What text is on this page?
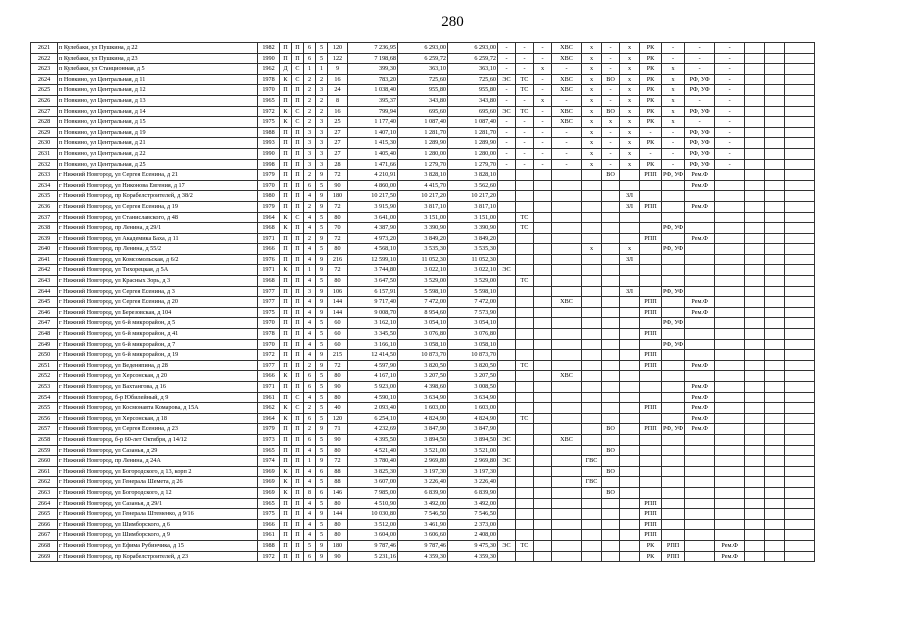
280
2621	п Кулебаки, ул Пушкина, д 22	1982	П	П	6	5	120	7 236,95	6 293,00	6 293,00	-	-	-	ХВС	х	-	х	РК	-	-	-			
2622	п Кулебаки, ул Пушкина, д 23	1990	П	П	6	5	122	7 198,68	6 259,72	6 259,72	-	-	-	ХВС	х	-	х	РК	-	-	-			
2623	п Кулебаки, ул Станционная, д 5	1962	Д	С	1	1	9	399,30	363,10	363,10	-	-	х	-	х	-	х	РК	х	-	-			
2624	п Новкино, ул Центральная, д 11	1978	К	С	2	2	16	783,20	725,60	725,60	ЭС	ТС	-	ХВС	х	ВО	х	РК	х	РФ, УФ	-			
2625	п Новкино, ул Центральная, д 12	1970	П	П	2	3	24	1 038,40	955,80	955,80	-	ТС	-	ХВС	х	-	х	РК	х	РФ, УФ	-			
2626	п Новкино, ул Центральная, д 13	1965	П	П	2	2	8	395,37	343,80	343,80	-	-	х	-	х	-	х	РК	х	-	-			
2627	п Новкино, ул Центральная, д 14	1972	К	С	2	2	16	799,94	695,60	695,60	ЭС	ТС	-	ХВС	х	ВО	х	РК	х	РФ, УФ	-			
2628	п Новкино, ул Центральная, д 15	1975	К	С	2	3	25	1 177,40	1 087,40	1 087,40	-	-	-	ХВС	х	х	х	РК	х	-	-			
2629	п Новкино, ул Центральная, д 19	1988	П	П	3	3	27	1 407,10	1 281,70	1 281,70	-	-	-	-	х	-	х	-	-	РФ, УФ	-			
2630	п Новкино, ул Центральная, д 21	1993	П	П	3	3	27	1 415,30	1 289,90	1 289,90	-	-	-	-	х	-	х	РК	-	РФ, УФ	-			
2631	п Новкино, ул Центральная, д 22	1990	П	П	3	3	27	1 405,40	1 280,00	1 280,00	-	-	-	-	х	-	х	-	-	РФ, УФ	-			
2632	п Новкино, ул Центральная, д 25	1998	П	П	3	3	28	1 471,66	1 279,70	1 279,70	-	-	-	-	х	-	х	РК	-	РФ, УФ	-			
2633	г Нижний Новгород, ул Сергея Есенина, д 21	1979	П	П	2	9	72	4 210,91	3 828,10	3 828,10						ВО		РПП	РФ, УФ	Рем.Ф				
2634	г Нижний Новгород, ул Никонова Евгения, д 17	1970	П	П	6	5	90	4 860,00	4 415,70	3 562,60										Рем.Ф				
2635	г Нижний Новгород, пр Корабелстроителей, д 38/2	1980	П	П	4	9	180	10 217,50	10 217,20	10 217,20							ЗЛ							
2636	г Нижний Новгород, ул Сергея Есенина, д 19	1979	П	П	2	9	72	3 915,90	3 817,10	3 817,10							ЗЛ	РПП		Рем.Ф				
2637	г Нижний Новгород, ул Станиславского, д 48	1964	К	С	4	5	80	3 641,00	3 151,00	3 151,00		ТС												
2638	г Нижний Новгород, пр Ленина, д 29/1	1968	К	П	4	5	70	4 387,90	3 390,90	3 390,90		ТС							РФ, УФ					
2639	г Нижний Новгород, ул Академика Баха, д 11	1971	П	П	2	9	72	4 973,20	3 849,20	3 849,20								РПП		Рем.Ф				
2640	г Нижний Новгород, пр Ленина, д 55/2	1966	П	П	4	5	80	4 568,10	3 535,30	3 535,30					х		х		РФ, УФ					
2641	г Нижний Новгород, ул Комсомольская, д 6/2	1976	П	П	4	9	216	12 599,10	11 052,30	11 052,30							ЗЛ							
2642	г Нижний Новгород, ул Тихорецкая, д 5А	1971	К	П	1	9	72	3 744,80	3 022,10	3 022,10	ЭС													
2643	г Нижний Новгород, ул Красных Зорь, д 3	1968	П	П	4	5	80	3 647,50	3 529,00	3 529,00		ТС												
2644	г Нижний Новгород, ул Сергея Есенина, д 3	1977	П	П	3	9	106	6 157,91	5 598,10	5 598,10							ЗЛ		РФ, УФ					
2645	г Нижний Новгород, ул Сергея Есенина, д 20	1977	П	П	4	9	144	9 717,40	7 472,00	7 472,00				ХВС				РПП		Рем.Ф				
2646	г Нижний Новгород, ул Березовская, д 104	1975	П	П	4	9	144	9 008,70	8 954,60	7 573,90								РПП		Рем.Ф				
2647	г Нижний Новгород, ул 6-й микрорайон, д 5	1970	П	П	4	5	60	3 162,10	3 054,10	3 054,10									РФ, УФ					
2648	г Нижний Новгород, ул 6-й микрорайон, д 41	1978	П	П	4	5	60	3 345,50	3 076,80	3 076,80								РПП						
2649	г Нижний Новгород, ул 6-й микрорайон, д 7	1970	П	П	4	5	60	3 166,10	3 058,10	3 058,10									РФ, УФ					
2650	г Нижний Новгород, ул 6-й микрорайон, д 19	1972	П	П	4	9	215	12 414,50	10 873,70	10 873,70								РПП						
2651	г Нижний Новгород, ул Веденяпина, д 28	1977	П	П	2	9	72	4 597,90	3 820,50	3 820,50		ТС						РПП		Рем.Ф				
2652	г Нижний Новгород, ул Херсонская, д 20	1966	К	П	6	5	80	4 167,10	3 207,50	3 207,50				ХВС										
2653	г Нижний Новгород, ул Вахтангова, д 16	1971	П	П	6	5	90	5 923,00	4 398,60	3 008,50										Рем.Ф				
2654	г Нижний Новгород, б-р Юбилейный, д 9	1961	П	С	4	5	80	4 590,10	3 634,90	3 634,90										Рем.Ф				
2655	г Нижний Новгород, ул Космонавта Комарова, д 15А	1962	К	С	2	5	40	2 093,40	1 603,00	1 603,00								РПП		Рем.Ф				
2656	г Нижний Новгород, ул Херсонская, д 18	1964	К	П	6	5	120	6 254,10	4 824,90	4 824,90		ТС								Рем.Ф				
2657	г Нижний Новгород, ул Сергея Есенина, д 23	1979	П	П	2	9	71	4 232,69	3 847,90	3 847,90						ВО		РПП	РФ, УФ	Рем.Ф				
2658	г Нижний Новгород, б-р 60-лет Октября, д 14/12	1973	П	П	6	5	90	4 395,50	3 894,50	3 894,50	ЭС			ХВС										
2659	г Нижний Новгород, ул Сазанья, д 29	1965	П	П	4	5	80	4 521,40	3 521,00	3 521,00						ВО								
2660	г Нижний Новгород, пр Ленина, д 24А	1974	П	П	1	9	72	3 780,40	2 969,80	2 969,80	ЭС				ГВС									
2661	г Нижний Новгород, ул Богородского, д 13, корп 2	1969	К	П	4	6	88	3 825,30	3 197,30	3 197,30						ВО								
2662	г Нижний Новгород, ул Генерала Шемета, д 26	1969	К	П	4	5	88	3 607,00	3 226,40	3 226,40					ГВС									
2663	г Нижний Новгород, ул Богородского, д 12	1969	К	П	8	6	146	7 985,00	6 839,90	6 839,90						ВО								
2664	г Нижний Новгород, ул Сазанья, д 29/1	1965	П	П	4	5	80	4 510,90	3 492,00	3 492,00								РПП						
2665	г Нижний Новгород, ул Генерала Штеменко, д 9/16	1975	П	П	4	9	144	10 030,80	7 546,50	7 546,50								РПП						
2666	г Нижний Новгород, ул Шимборского, д 6	1966	П	П	4	5	80	3 512,00	3 461,90	2 373,00								РПП						
2667	г Нижний Новгород, ул Шимборского, д 9	1961	П	П	4	5	80	3 604,00	3 606,60	2 408,00								РПП						
2668	г Нижний Новгород, ул Ефима Рубинчика, д 15	1988	П	П	5	9	180	9 787,46	9 787,46	9 475,30	ЭС	ТС						РК	РПП		Рем.Ф			
2669	г Нижний Новгород, пр Корабелстроителей, д 23	1972	П	П	6	9	90	5 231,16	4 359,30	4 359,30								РК	РПП		Рем.Ф			
